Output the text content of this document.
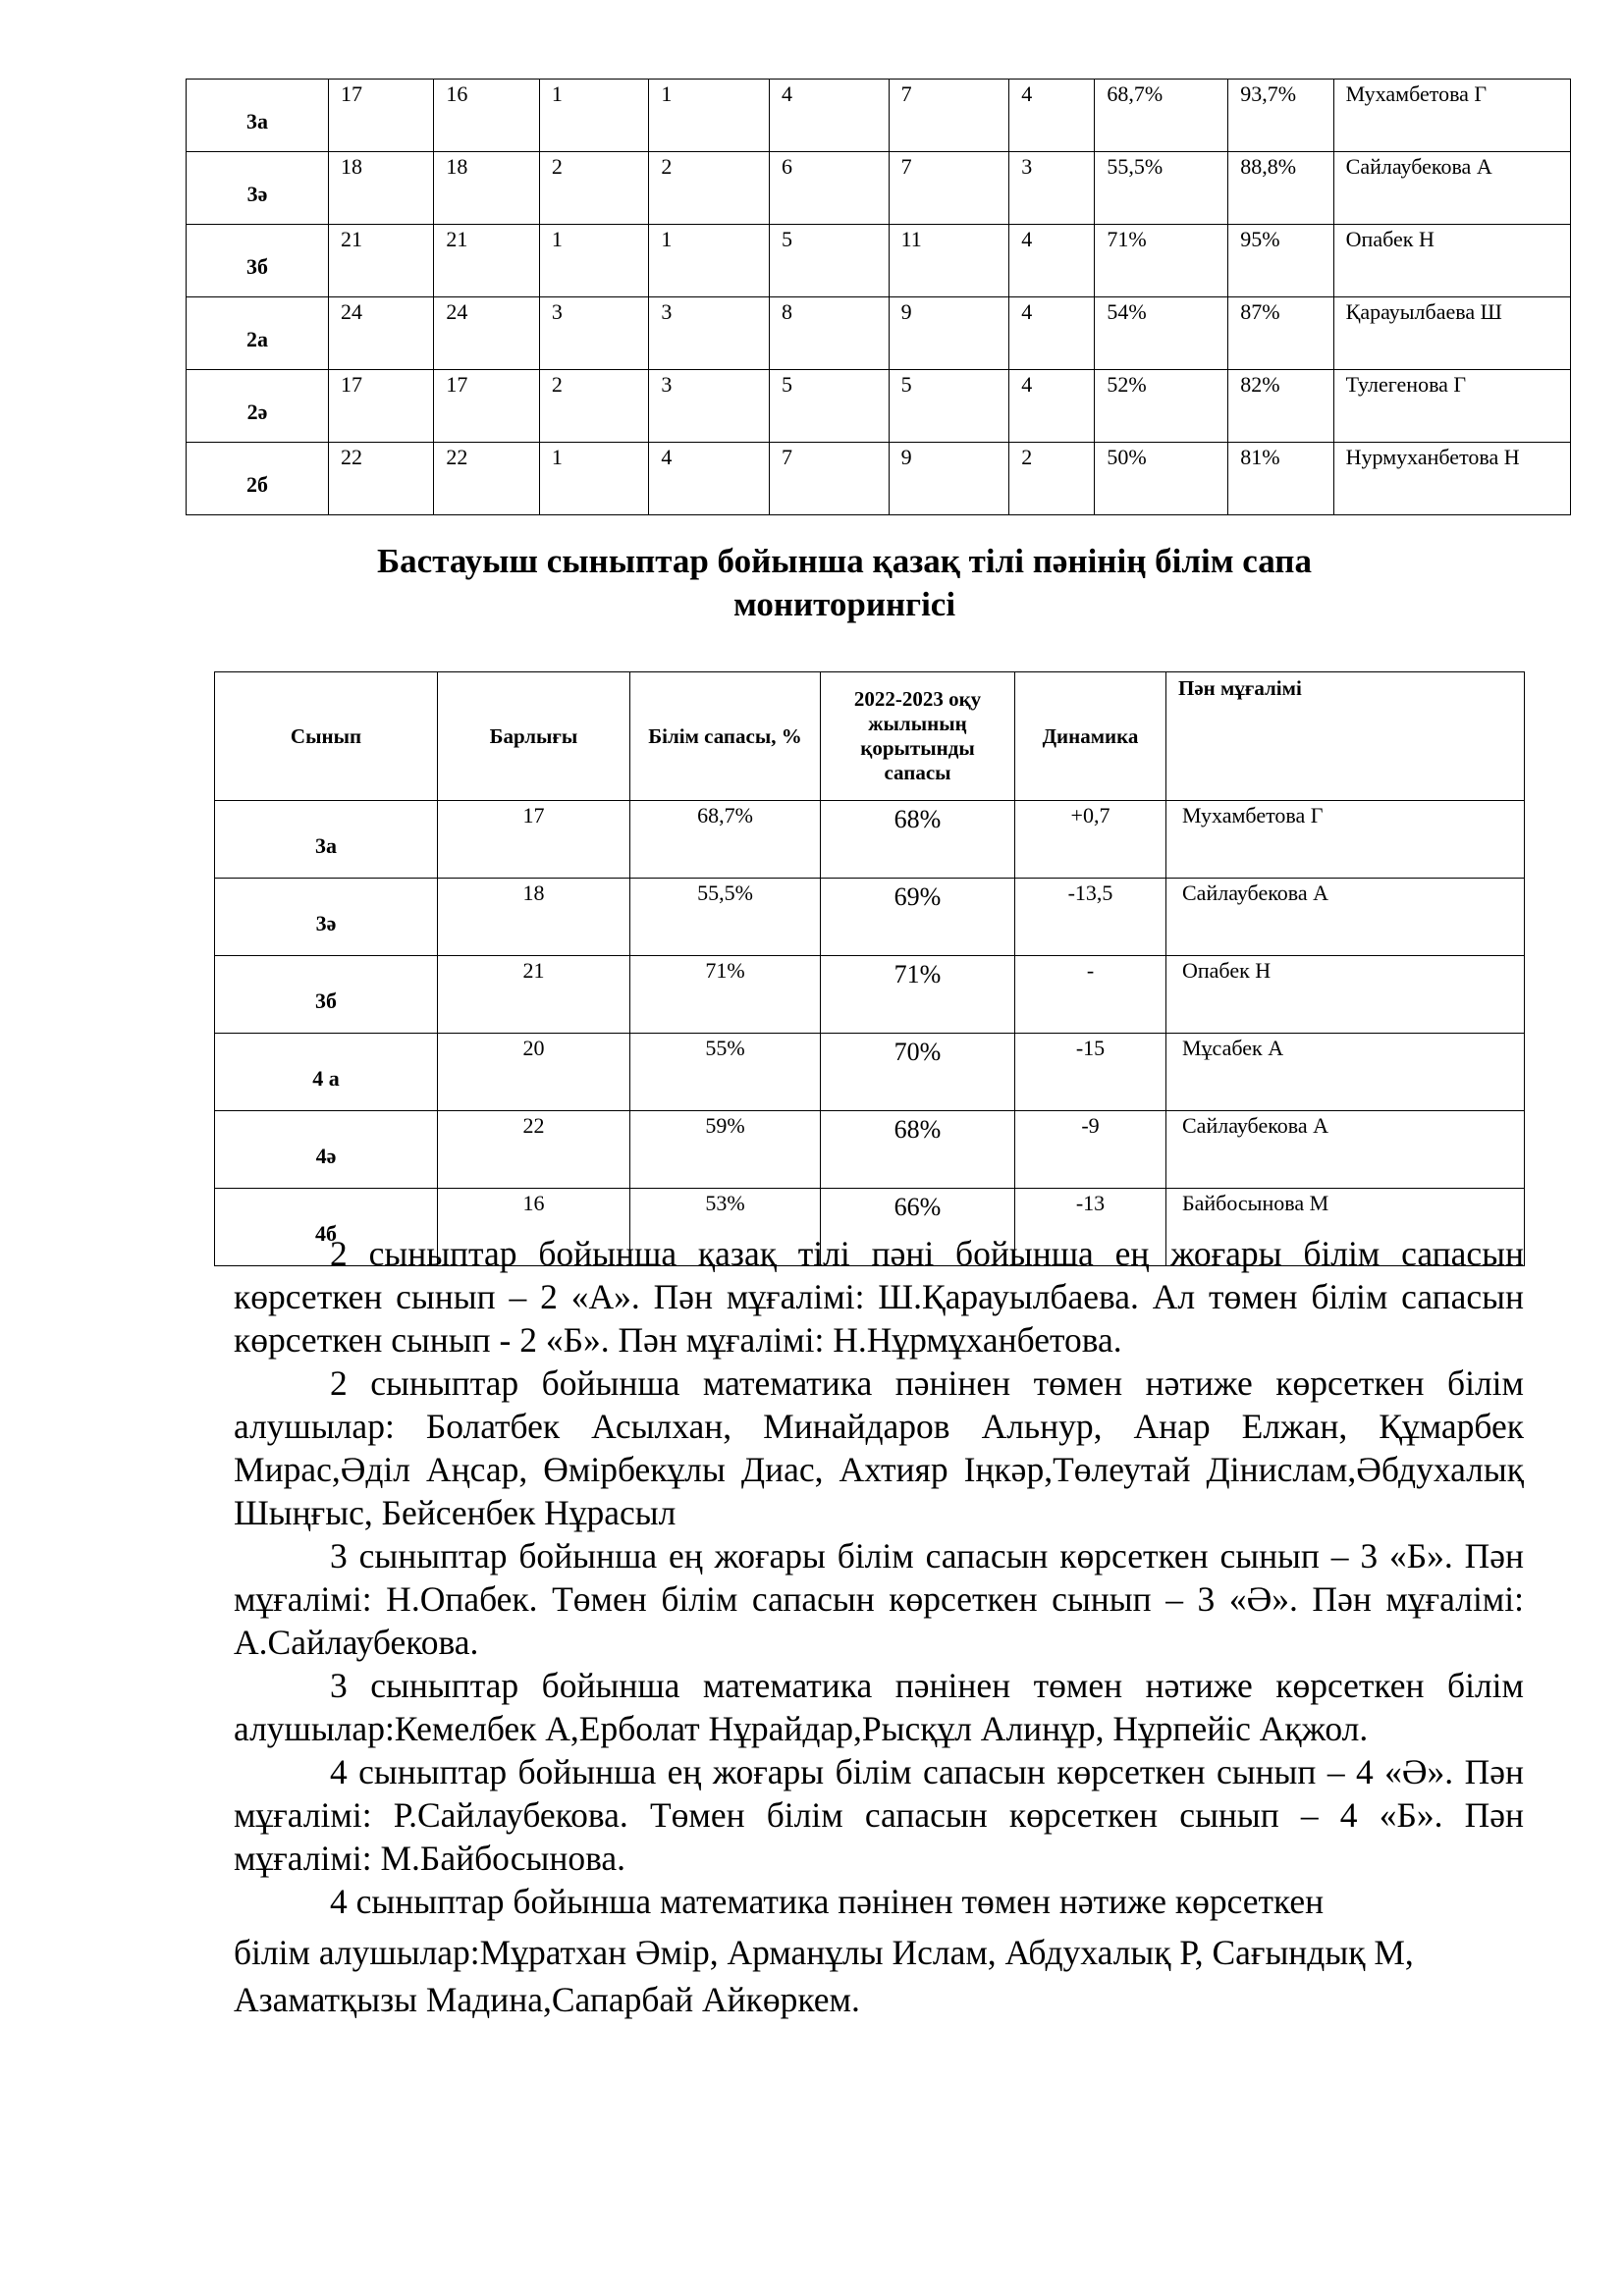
3а	17	16	1	1	4	7	4	68,7%	93,7%	Мухамбетова Г
3ә	18	18	2	2	6	7	3	55,5%	88,8%	Сайлаубекова А
3б	21	21	1	1	5	11	4	71%	95%	Опабек Н
2а	24	24	3	3	8	9	4	54%	87%	Қарауылбаева Ш
2ә	17	17	2	3	5	5	4	52%	82%	Тулегенова Г
2б	22	22	1	4	7	9	2	50%	81%	Нурмуханбетова Н
Бастауыш сыныптар бойынша қазақ тілі пәнінің білім сапа
мониторингісі
Сынып	Барлығы	Білім сапасы, %	2022-2023 оқу жылының қорытынды сапасы	Динамика	Пән мұғалімі
3а	17	68,7%	68%	+0,7	Мухамбетова Г
3ә	18	55,5%	69%	-13,5	Сайлаубекова А
3б	21	71%	71%	-	Опабек Н
4 а	20	55%	70%	-15	Мұсабек А
4ә	22	59%	68%	-9	Сайлаубекова А
4б	16	53%	66%	-13	Байбосынова М

2 сыныптар бойынша қазақ тілі пәні бойынша ең жоғары білім сапасын көрсеткен сынып – 2 «А». Пән мұғалімі: Ш.Қарауылбаева. Ал төмен білім сапасын көрсеткен сынып - 2 «Б». Пән мұғалімі: Н.Нұрмұханбетова.

2 сыныптар бойынша математика пәнінен төмен нәтиже көрсеткен білім алушылар: Болатбек Асылхан, Минайдаров Альнур, Анар Елжан, Құмарбек Мирас,Әділ Аңсар, Өмірбекұлы Диас, Ахтияр Іңкәр,Төлеутай Дінислам,Әбдухалық Шыңғыс, Бейсенбек Нұрасыл

3 сыныптар бойынша ең жоғары білім сапасын көрсеткен сынып – 3 «Б». Пән мұғалімі: Н.Опабек. Төмен білім сапасын көрсеткен сынып – 3 «Ә». Пән мұғалімі: А.Сайлаубекова.

3 сыныптар бойынша математика пәнінен төмен нәтиже көрсеткен білім алушылар:Кемелбек А,Ерболат Нұрайдар,Рысқұл Алинұр, Нұрпейіс Ақжол.

4 сыныптар бойынша ең жоғары білім сапасын көрсеткен сынып – 4 «Ә». Пән мұғалімі: Р.Сайлаубекова. Төмен білім сапасын көрсеткен сынып – 4 «Б». Пән мұғалімі: М.Байбосынова.

4 сыныптар бойынша математика пәнінен төмен нәтиже көрсеткен

білім алушылар:Мұратхан Әмір, Арманұлы Ислам, Абдухалық Р, Сағындық М, Азаматқызы Мадина,Сапарбай Айкөркем.
